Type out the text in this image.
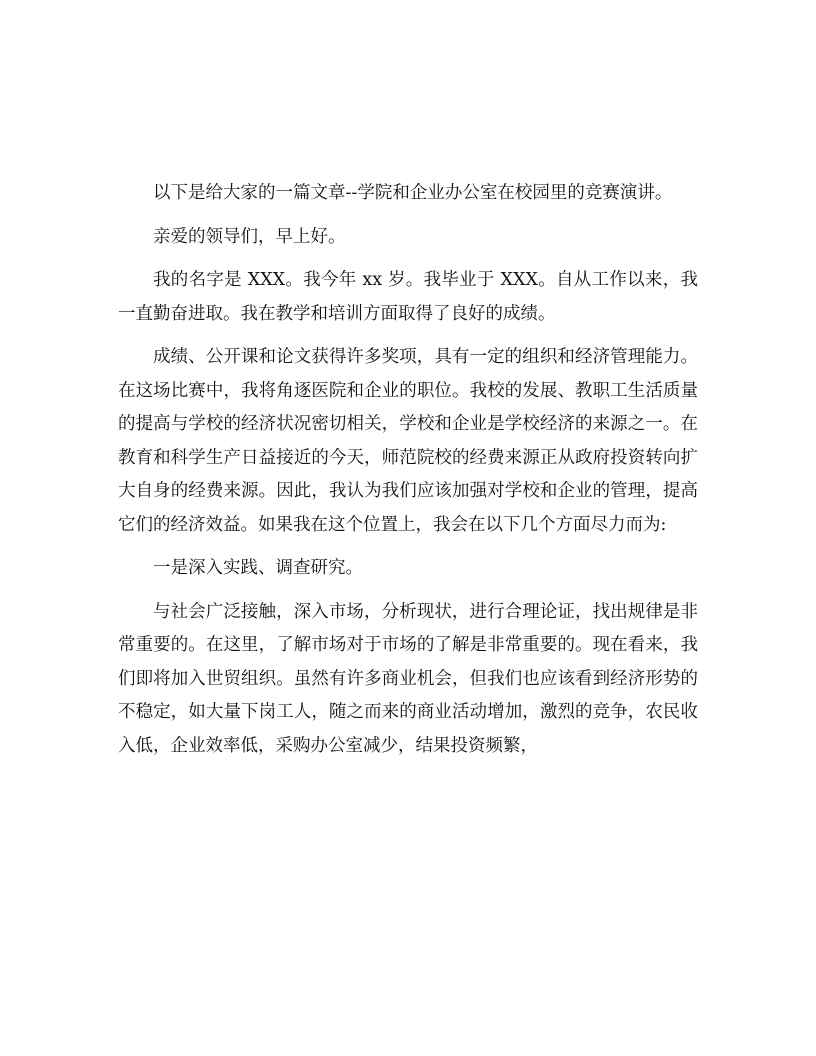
以下是给大家的一篇文章--学院和企业办公室在校园里的竞赛演讲。

亲爱的领导们，早上好。

我的名字是 XXX。我今年 xx 岁。我毕业于 XXX。自从工作以来，我一直勤奋进取。我在教学和培训方面取得了良好的成绩。

成绩、公开课和论文获得许多奖项，具有一定的组织和经济管理能力。在这场比赛中，我将角逐医院和企业的职位。我校的发展、教职工生活质量的提高与学校的经济状况密切相关，学校和企业是学校经济的来源之一。在教育和科学生产日益接近的今天，师范院校的经费来源正从政府投资转向扩大自身的经费来源。因此，我认为我们应该加强对学校和企业的管理，提高它们的经济效益。如果我在这个位置上，我会在以下几个方面尽力而为:

一是深入实践、调查研究。

与社会广泛接触，深入市场，分析现状，进行合理论证，找出规律是非常重要的。在这里，了解市场对于市场的了解是非常重要的。现在看来，我们即将加入世贸组织。虽然有许多商业机会，但我们也应该看到经济形势的不稳定，如大量下岗工人，随之而来的商业活动增加，激烈的竞争，农民收入低，企业效率低，采购办公室减少，结果投资频繁，
